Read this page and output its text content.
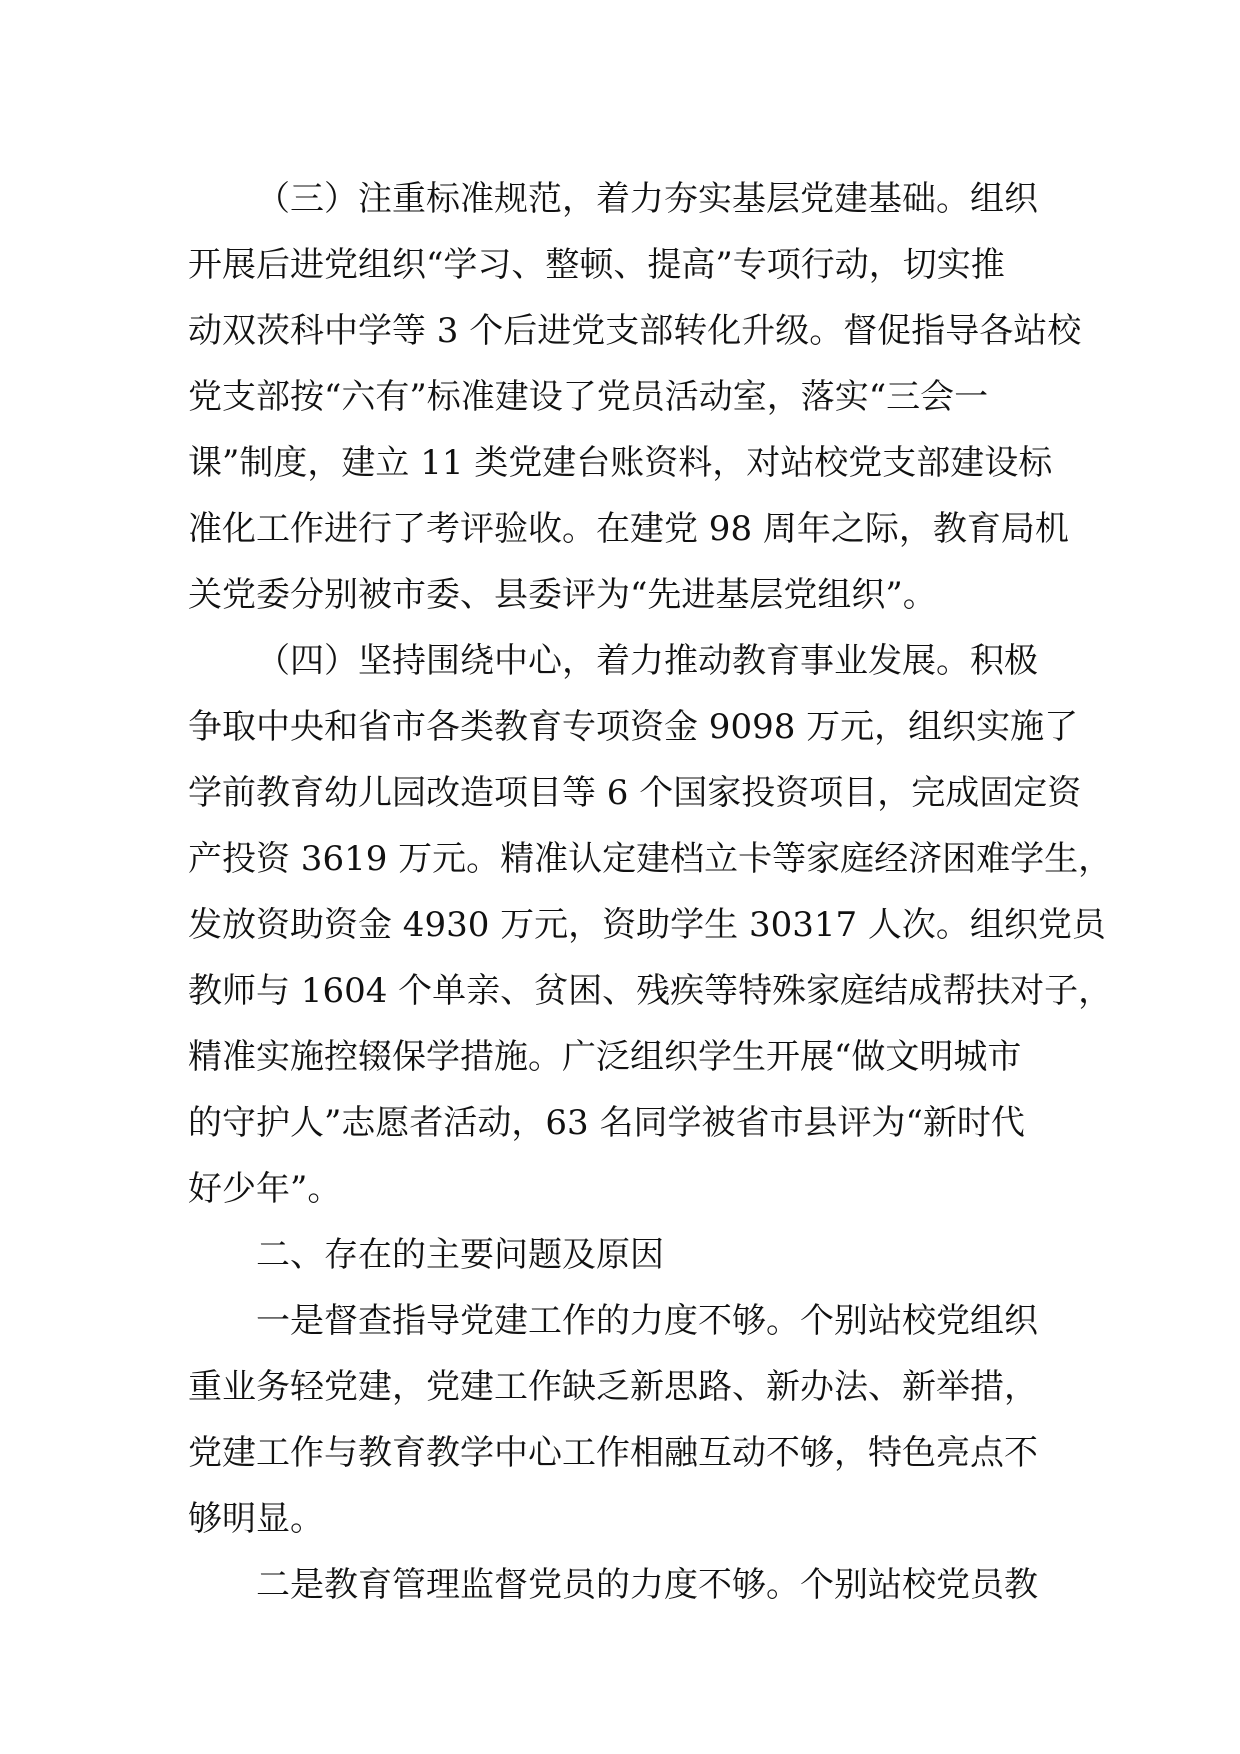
（三）注重标准规范，着力夯实基层党建基础。组织
开展后进党组织“学习、整顿、提高”专项行动，切实推
动双茨科中学等 3 个后进党支部转化升级。督促指导各站校
党支部按“六有”标准建设了党员活动室，落实“三会一
课”制度，建立 11 类党建台账资料，对站校党支部建设标
准化工作进行了考评验收。在建党 98 周年之际，教育局机
关党委分别被市委、县委评为“先进基层党组织”。
（四）坚持围绕中心，着力推动教育事业发展。积极
争取中央和省市各类教育专项资金 9098 万元，组织实施了
学前教育幼儿园改造项目等 6 个国家投资项目，完成固定资
产投资 3619 万元。精准认定建档立卡等家庭经济困难学生，
发放资助资金 4930 万元，资助学生 30317 人次。组织党员
教师与 1604 个单亲、贫困、残疾等特殊家庭结成帮扶对子，
精准实施控辍保学措施。广泛组织学生开展“做文明城市
的守护人”志愿者活动，63 名同学被省市县评为“新时代
好少年”。
二、存在的主要问题及原因
一是督查指导党建工作的力度不够。个别站校党组织
重业务轻党建，党建工作缺乏新思路、新办法、新举措，
党建工作与教育教学中心工作相融互动不够，特色亮点不
够明显。
二是教育管理监督党员的力度不够。个别站校党员教
